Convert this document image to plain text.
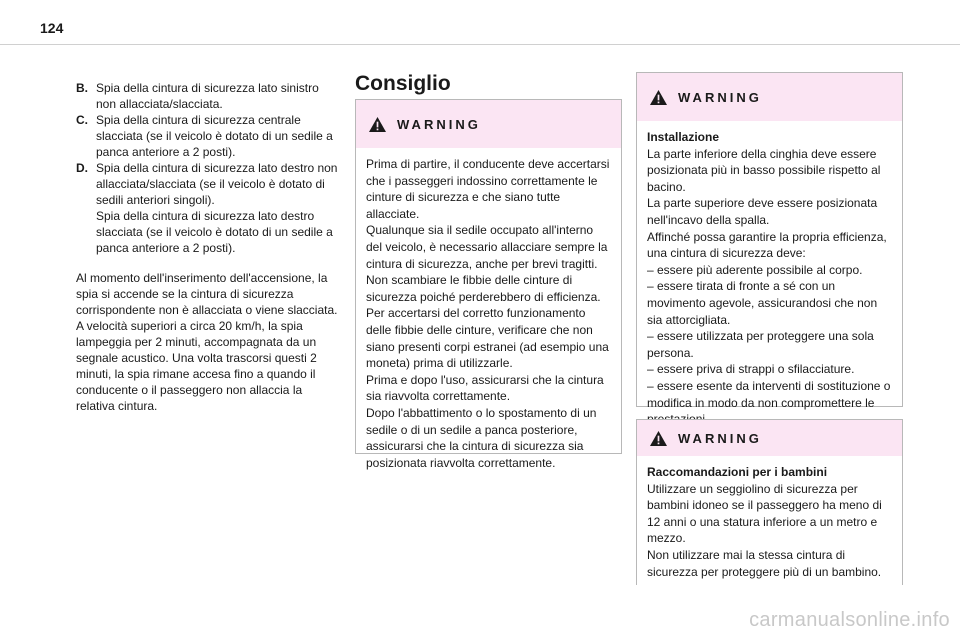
124
B. Spia della cintura di sicurezza lato sinistro non allacciata/slacciata.

C. Spia della cintura di sicurezza centrale slacciata (se il veicolo è dotato di un sedile a panca anteriore a 2 posti).

D. Spia della cintura di sicurezza lato destro non allacciata/slacciata (se il veicolo è dotato di sedili anteriori singoli).

Spia della cintura di sicurezza lato destro slacciata (se il veicolo è dotato di un sedile a panca anteriore a 2 posti).

Al momento dell'inserimento dell'accensione, la spia si accende se la cintura di sicurezza corrispondente non è allacciata o viene slacciata.

A velocità superiori a circa 20 km/h, la spia lampeggia per 2 minuti, accompagnata da un segnale acustico. Una volta trascorsi questi 2 minuti, la spia rimane accesa fino a quando il conducente o il passeggero non allaccia la relativa cintura.

Consiglio
WARNING

Prima di partire, il conducente deve accertarsi che i passeggeri indossino correttamente le cinture di sicurezza e che siano tutte allacciate.

Qualunque sia il sedile occupato all'interno del veicolo, è necessario allacciare sempre la cintura di sicurezza, anche per brevi tragitti.

Non scambiare le fibbie delle cinture di sicurezza poiché perderebbero di efficienza.

Per accertarsi del corretto funzionamento delle fibbie delle cinture, verificare che non siano presenti corpi estranei (ad esempio una moneta) prima di utilizzarle.

Prima e dopo l'uso, assicurarsi che la cintura sia riavvolta correttamente.

Dopo l'abbattimento o lo spostamento di un sedile o di un sedile a panca posteriore, assicurarsi che la cintura di sicurezza sia posizionata riavvolta correttamente.

WARNING

Installazione

La parte inferiore della cinghia deve essere posizionata più in basso possibile rispetto al bacino.

La parte superiore deve essere posizionata nell'incavo della spalla.

Affinché possa garantire la propria efficienza, una cintura di sicurezza deve:

– essere più aderente possibile al corpo.

– essere tirata di fronte a sé con un movimento agevole, assicurandosi che non sia attorcigliata.

– essere utilizzata per proteggere una sola persona.

– essere priva di strappi o sfilacciature.

– essere esente da interventi di sostituzione o modifica in modo da non compromettere le

WARNING

Raccomandazioni per i bambini

Utilizzare un seggiolino di sicurezza per bambini idoneo se il passeggero ha meno di 12 anni o una statura inferiore a un metro e mezzo.

Non utilizzare mai la stessa cintura di sicurezza per proteggere più di un bambino.

carmanualsonline.info
